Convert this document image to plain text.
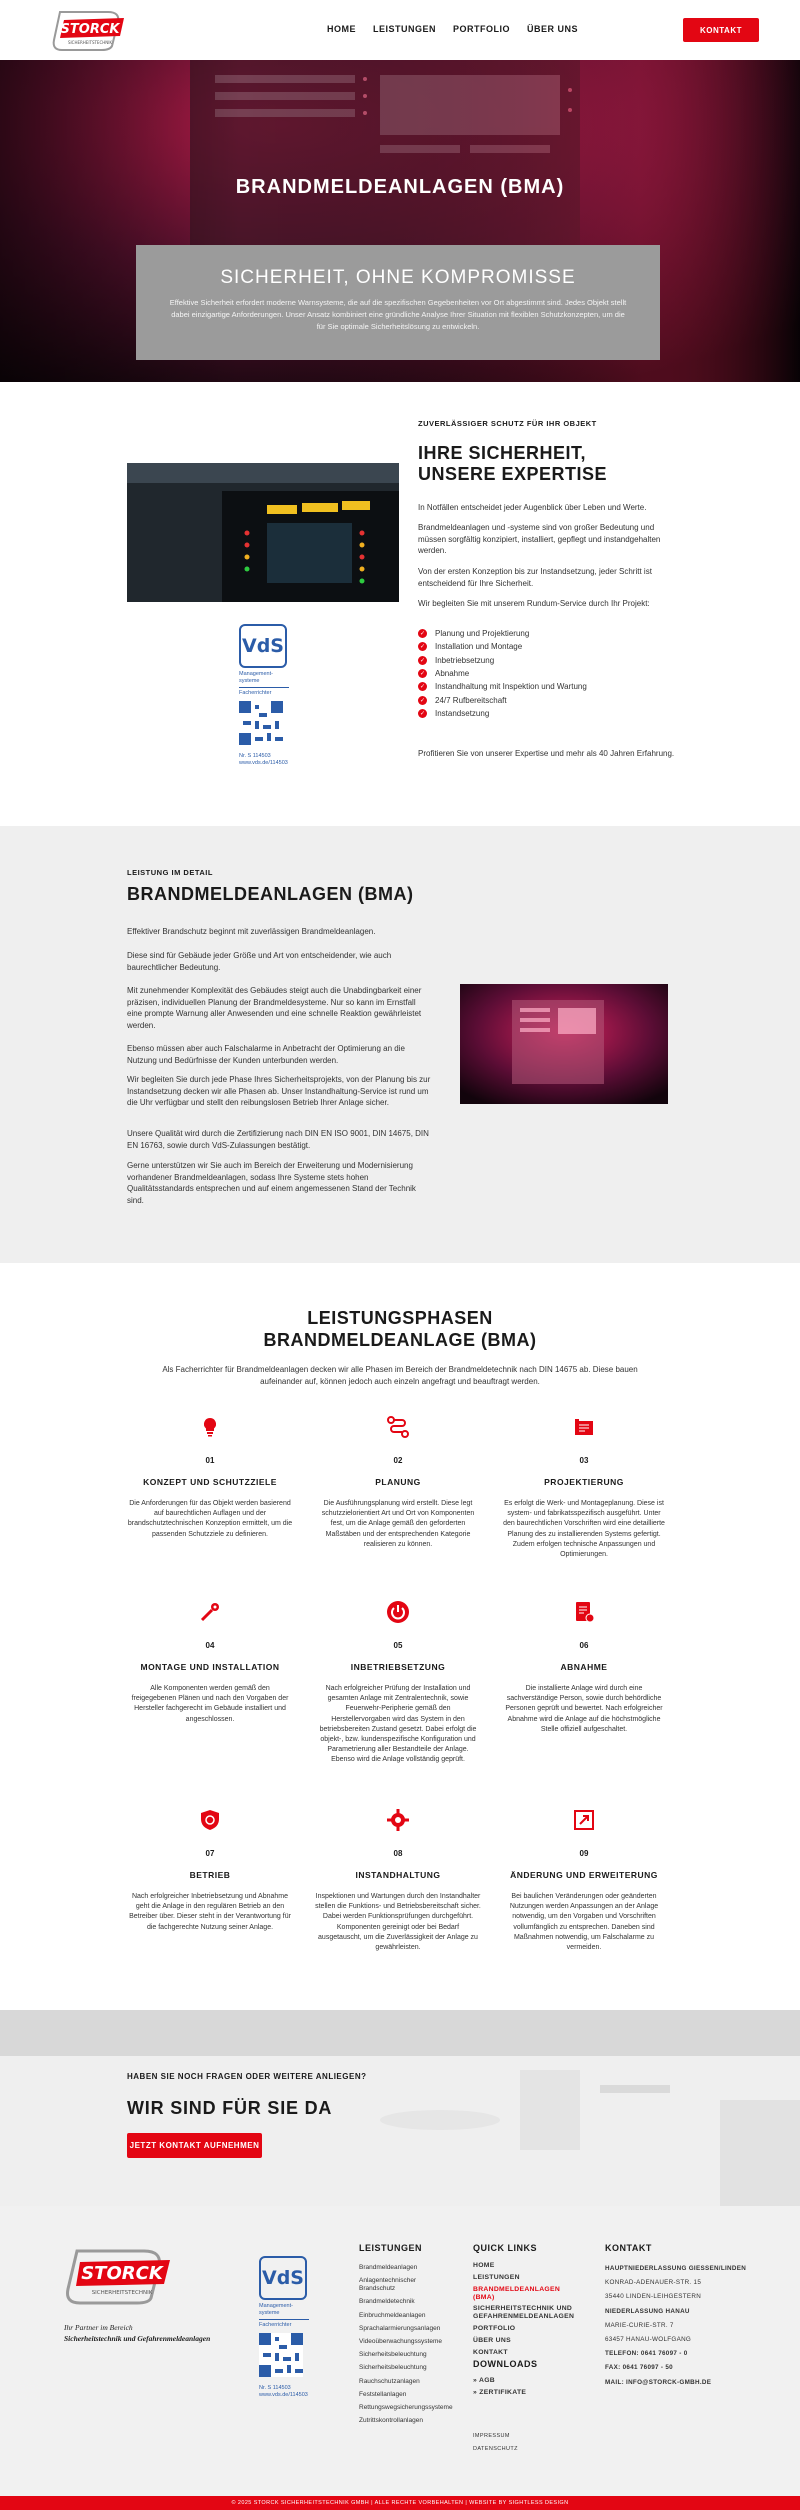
STORCK
SICHERHEITSTECHNIK
HOME LEISTUNGEN PORTFOLIO ÜBER UNS	KONTAKT
BRANDMELDEANLAGEN (BMA)
SICHERHEIT, OHNE KOMPROMISSE
Effektive Sicherheit erfordert moderne Warnsysteme, die auf die spezifischen Gegebenheiten vor Ort abgestimmt sind. Jedes Objekt stellt dabei einzigartige Anforderungen. Unser Ansatz kombiniert eine gründliche Analyse Ihrer Situation mit flexiblen Schutzkonzepten, um die für Sie optimale Sicherheitslösung zu entwickeln.
VdS
Management-
systeme
Facherrichter
Nr. S 114503
www.vds.de/114503
ZUVERLÄSSIGER SCHUTZ FÜR IHR OBJEKT
IHRE SICHERHEIT,
UNSERE EXPERTISE
In Notfällen entscheidet jeder Augenblick über Leben und Werte.
Brandmeldeanlagen und -systeme sind von großer Bedeutung und müssen sorgfältig konzipiert, installiert, gepflegt und instandgehalten werden.
Von der ersten Konzeption bis zur Instandsetzung, jeder Schritt ist entscheidend für Ihre Sicherheit.
Wir begleiten Sie mit unserem Rundum-Service durch Ihr Projekt:
✓ Planung und Projektierung
✓ Installation und Montage
✓ Inbetriebsetzung
✓ Abnahme
✓ Instandhaltung mit Inspektion und Wartung
✓ 24/7 Rufbereitschaft
✓ Instandsetzung
Profitieren Sie von unserer Expertise und mehr als 40 Jahren Erfahrung.
LEISTUNG IM DETAIL
BRANDMELDEANLAGEN (BMA)
Effektiver Brandschutz beginnt mit zuverlässigen Brandmeldeanlagen.
Diese sind für Gebäude jeder Größe und Art von entscheidender, wie auch baurechtlicher Bedeutung.
Mit zunehmender Komplexität des Gebäudes steigt auch die Unabdingbarkeit einer präzisen, individuellen Planung der Brandmeldesysteme. Nur so kann im Ernstfall eine prompte Warnung aller Anwesenden und eine schnelle Reaktion gewährleistet werden.
Ebenso müssen aber auch Falschalarme in Anbetracht der Optimierung an die Nutzung und Bedürfnisse der Kunden unterbunden werden.
Wir begleiten Sie durch jede Phase Ihres Sicherheitsprojekts, von der Planung bis zur Instandsetzung decken wir alle Phasen ab. Unser Instandhaltung-Service ist rund um die Uhr verfügbar und stellt den reibungslosen Betrieb Ihrer Anlage sicher.
Unsere Qualität wird durch die Zertifizierung nach DIN EN ISO 9001, DIN 14675, DIN EN 16763, sowie durch VdS-Zulassungen bestätigt.
Gerne unterstützen wir Sie auch im Bereich der Erweiterung und Modernisierung vorhandener Brandmeldeanlagen, sodass Ihre Systeme stets hohen Qualitätsstandards entsprechen und auf einem angemessenen Stand der Technik sind.
LEISTUNGSPHASEN
BRANDMELDEANLAGE (BMA)
Als Facherrichter für Brandmeldeanlagen decken wir alle Phasen im Bereich der Brandmeldetechnik nach DIN 14675 ab. Diese bauen aufeinander auf, können jedoch auch einzeln angefragt und beauftragt werden.
01
KONZEPT UND SCHUTZZIELE
Die Anforderungen für das Objekt werden basierend auf baurechtlichen Auflagen und der brandschutztechnischen Konzeption ermittelt, um die passenden Schutzziele zu definieren.
02
PLANUNG
Die Ausführungsplanung wird erstellt. Diese legt schutzzielorientiert Art und Ort von Komponenten fest, um die Anlage gemäß den geforderten Maßstäben und der entsprechenden Kategorie realisieren zu können.
03
PROJEKTIERUNG
Es erfolgt die Werk- und Montageplanung. Diese ist system- und fabrikatsspezifisch ausgeführt. Unter den baurechtlichen Vorschriften wird eine detaillierte Planung des zu installierenden Systems gefertigt. Zudem erfolgen technische Anpassungen und Optimierungen.
04
MONTAGE UND INSTALLATION
Alle Komponenten werden gemäß den freigegebenen Plänen und nach den Vorgaben der Hersteller fachgerecht im Gebäude installiert und angeschlossen.
05
INBETRIEBSETZUNG
Nach erfolgreicher Prüfung der Installation und gesamten Anlage mit Zentralentechnik, sowie Feuerwehr-Peripherie gemäß den Herstellervorgaben wird das System in den betriebsbereiten Zustand gesetzt. Dabei erfolgt die objekt-, bzw. kundenspezifische Konfiguration und Parametrierung aller Bestandteile der Anlage. Ebenso wird die Anlage vollständig geprüft.
06
ABNAHME
Die installierte Anlage wird durch eine sachverständige Person, sowie durch behördliche Personen geprüft und bewertet. Nach erfolgreicher Abnahme wird die Anlage auf die höchstmögliche Stelle offiziell aufgeschaltet.
07
BETRIEB
Nach erfolgreicher Inbetriebsetzung und Abnahme geht die Anlage in den regulären Betrieb an den Betreiber über. Dieser steht in der Verantwortung für die fachgerechte Nutzung seiner Anlage.
08
INSTANDHALTUNG
Inspektionen und Wartungen durch den Instandhalter stellen die Funktions- und Betriebsbereitschaft sicher. Dabei werden Funktionsprüfungen durchgeführt. Komponenten gereinigt oder bei Bedarf ausgetauscht, um die Zuverlässigkeit der Anlage zu gewährleisten.
09
ÄNDERUNG UND ERWEITERUNG
Bei baulichen Veränderungen oder geänderten Nutzungen werden Anpassungen an der Anlage notwendig, um den Vorgaben und Vorschriften vollumfänglich zu entsprechen. Daneben sind Maßnahmen notwendig, um Falschalarme zu vermeiden.
HABEN SIE NOCH FRAGEN ODER WEITERE ANLIEGEN?
WIR SIND FÜR SIE DA
JETZT KONTAKT AUFNEHMEN
STORCK
SICHERHEITSTECHNIK
Ihr Partner im Bereich
Sicherheitstechnik und Gefahrenmeldeanlagen
VdS
Management-
systeme
Facherrichter
Nr. S 114503
www.vds.de/114503
LEISTUNGEN
Brandmeldeanlagen
Anlagentechnischer Brandschutz
Brandmeldetechnik
Einbruchmeldeanlagen
Sprachalarmierungsanlagen
Videoüberwachungssysteme
Sicherheitsbeleuchtung
Sicherheitsbeleuchtung
Rauchschutzanlagen
Feststellanlagen
Rettungswegsicherungssysteme
Zutrittskontrollanlagen
QUICK LINKS
HOME
LEISTUNGEN
BRANDMELDEANLAGEN (BMA)
SICHERHEITSTECHNIK UND GEFAHRENMELDEANLAGEN
PORTFOLIO
ÜBER UNS
KONTAKT
DOWNLOADS
» AGB
» ZERTIFIKATE
IMPRESSUM
DATENSCHUTZ
KONTAKT
HAUPTNIEDERLASSUNG GIESSEN/LINDEN
KONRAD-ADENAUER-STR. 15
35440 LINDEN-LEIHGESTERN
NIEDERLASSUNG HANAU
MARIE-CURIE-STR. 7
63457 HANAU-WOLFGANG
TELEFON: 0641 76097 - 0
FAX: 0641 76097 - 50
MAIL: INFO@STORCK-GMBH.DE
© 2025 STORCK SICHERHEITSTECHNIK GMBH | ALLE RECHTE VORBEHALTEN | WEBSITE BY SIGHTLESS DESIGN
